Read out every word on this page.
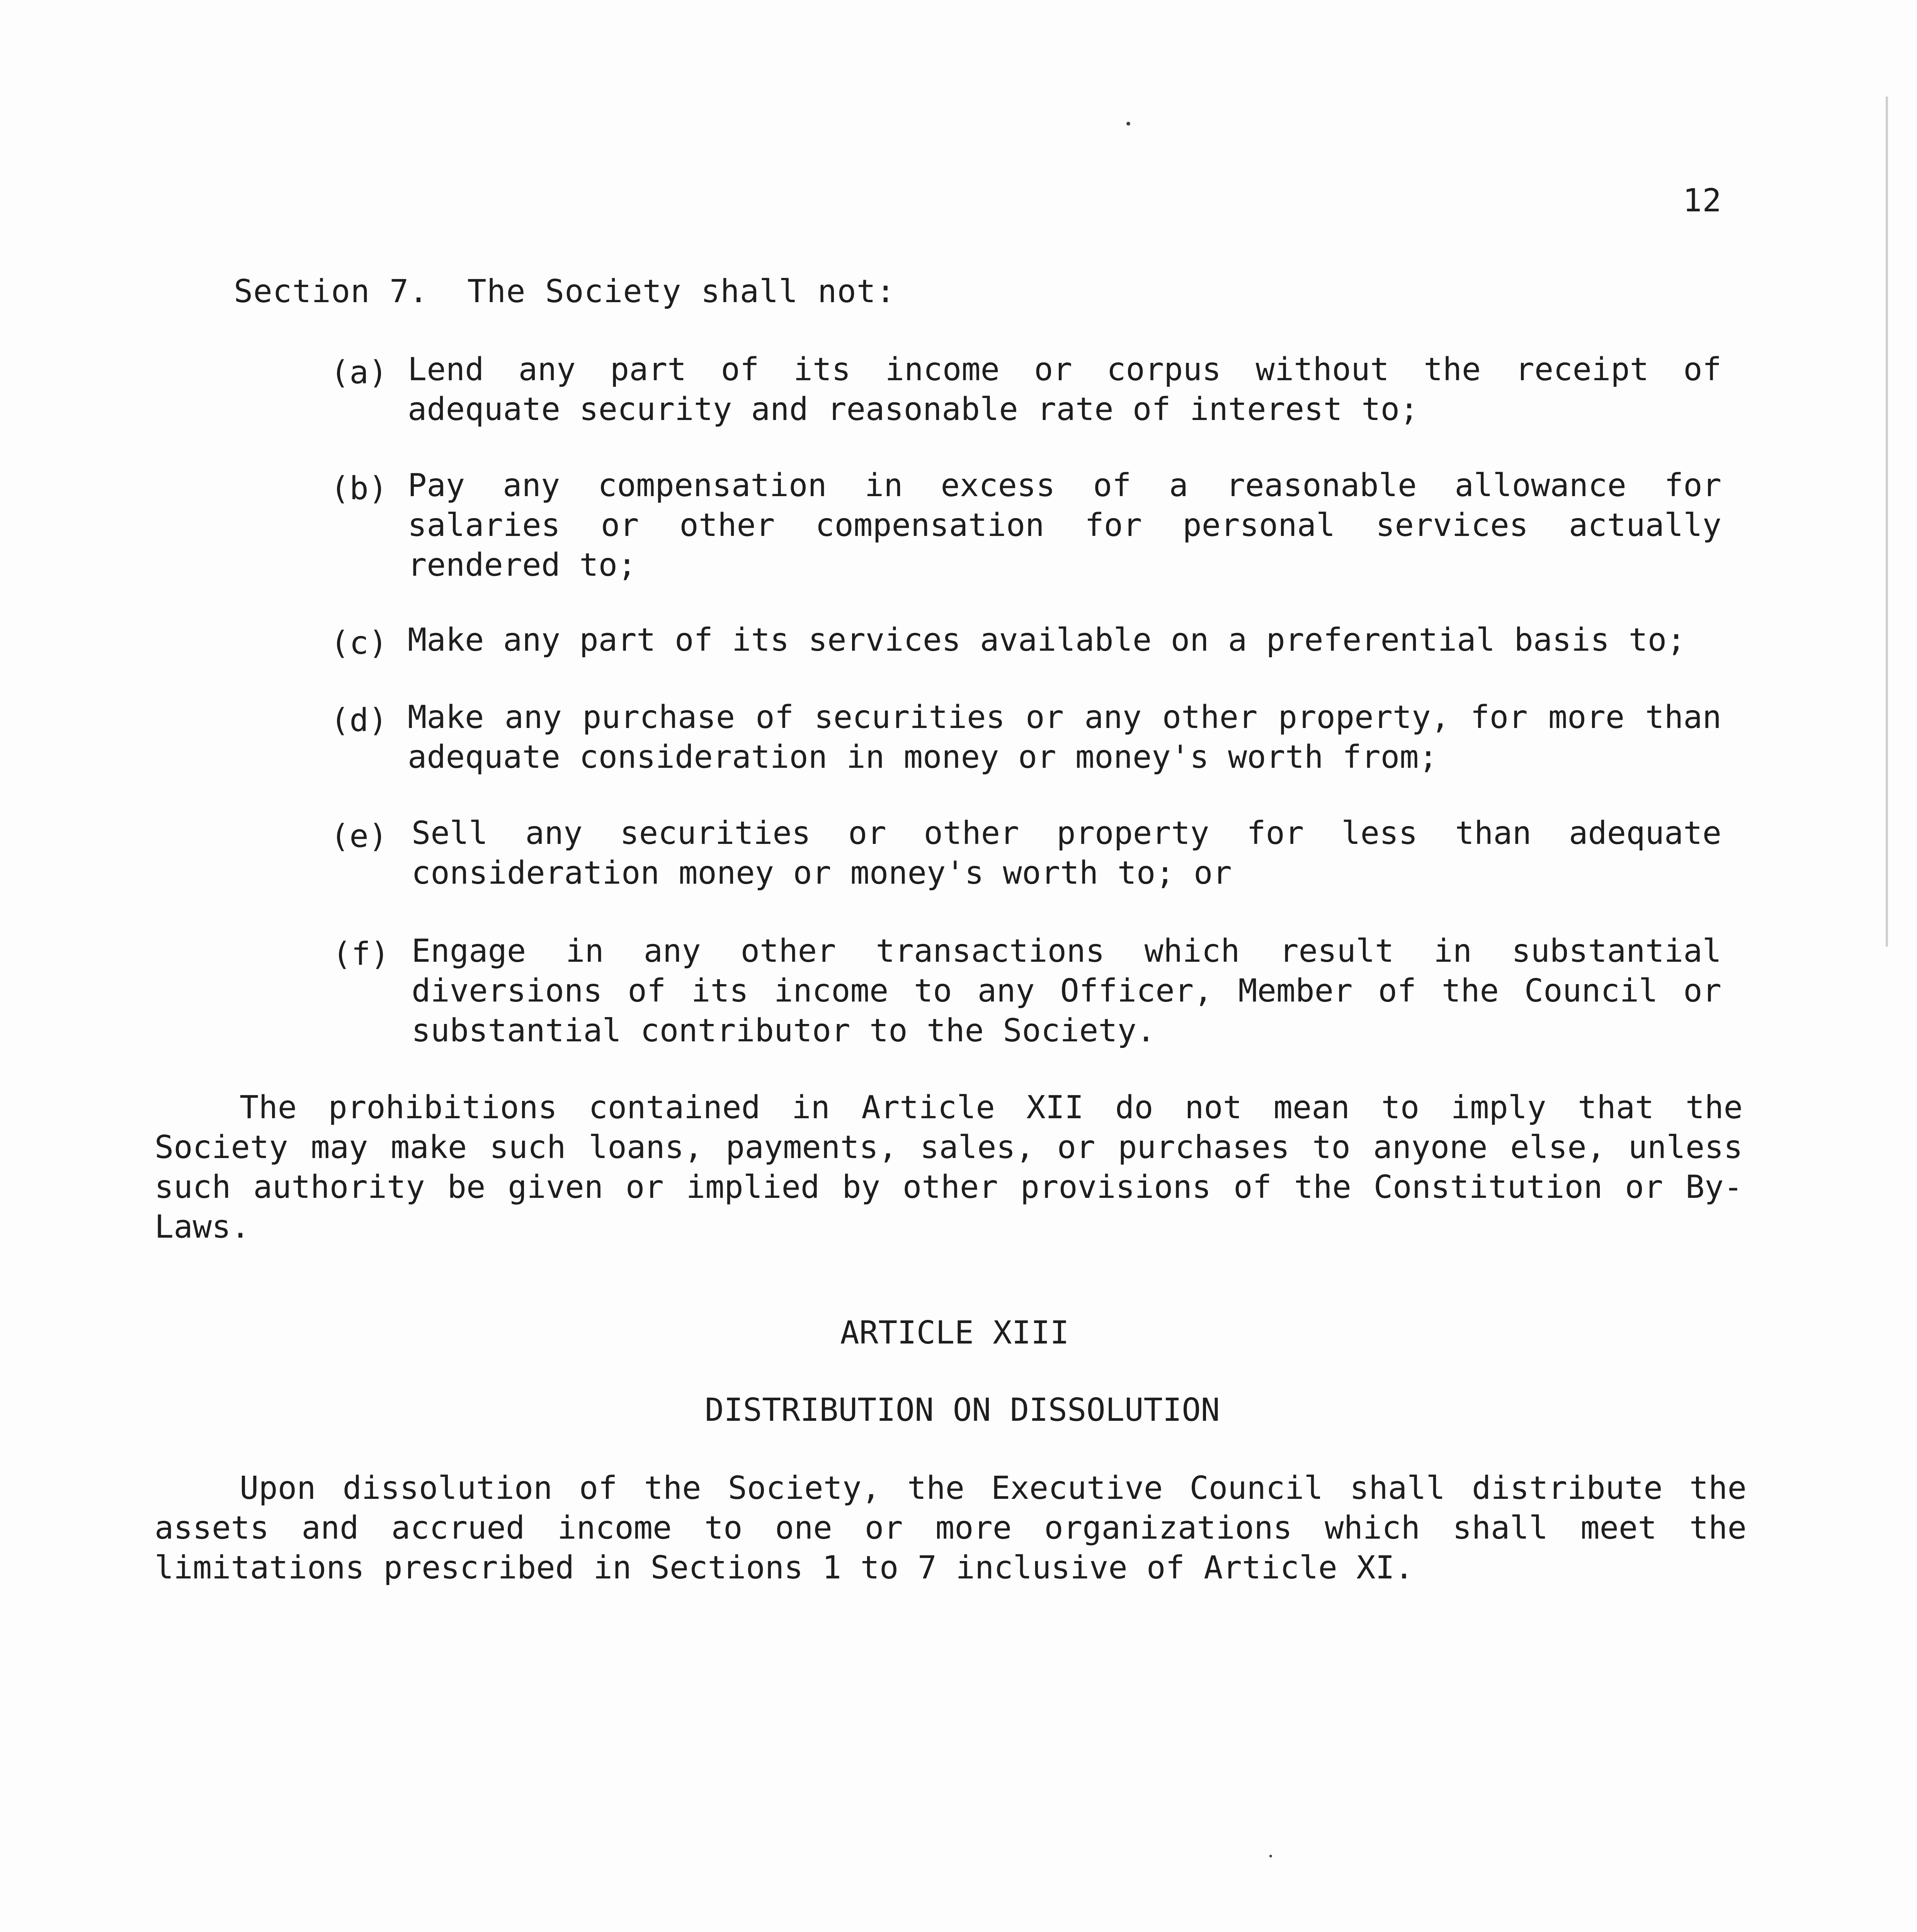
12
Section 7.  The Society shall not:
(a) Lend any part of its income or corpus without the receipt of adequate security and reasonable rate of interest to;
(b) Pay any compensation in excess of a reasonable allowance for salaries or other compensation for personal services actually rendered to;
(c) Make any part of its services available on a preferential basis to;
(d) Make any purchase of securities or any other property, for more than adequate consideration in money or money's worth from;
(e) Sell any securities or other property for less than adequate consideration money or money's worth to; or
(f) Engage in any other transactions which result in substantial diversions of its income to any Officer, Member of the Council or substantial contributor to the Society.
The prohibitions contained in Article XII do not mean to imply that the Society may make such loans, payments, sales, or purchases to anyone else, unless such authority be given or implied by other provisions of the Constitution or By-Laws.
ARTICLE XIII
DISTRIBUTION ON DISSOLUTION
Upon dissolution of the Society, the Executive Council shall distribute the assets and accrued income to one or more organizations which shall meet the limitations prescribed in Sections 1 to 7 inclusive of Article XI.
